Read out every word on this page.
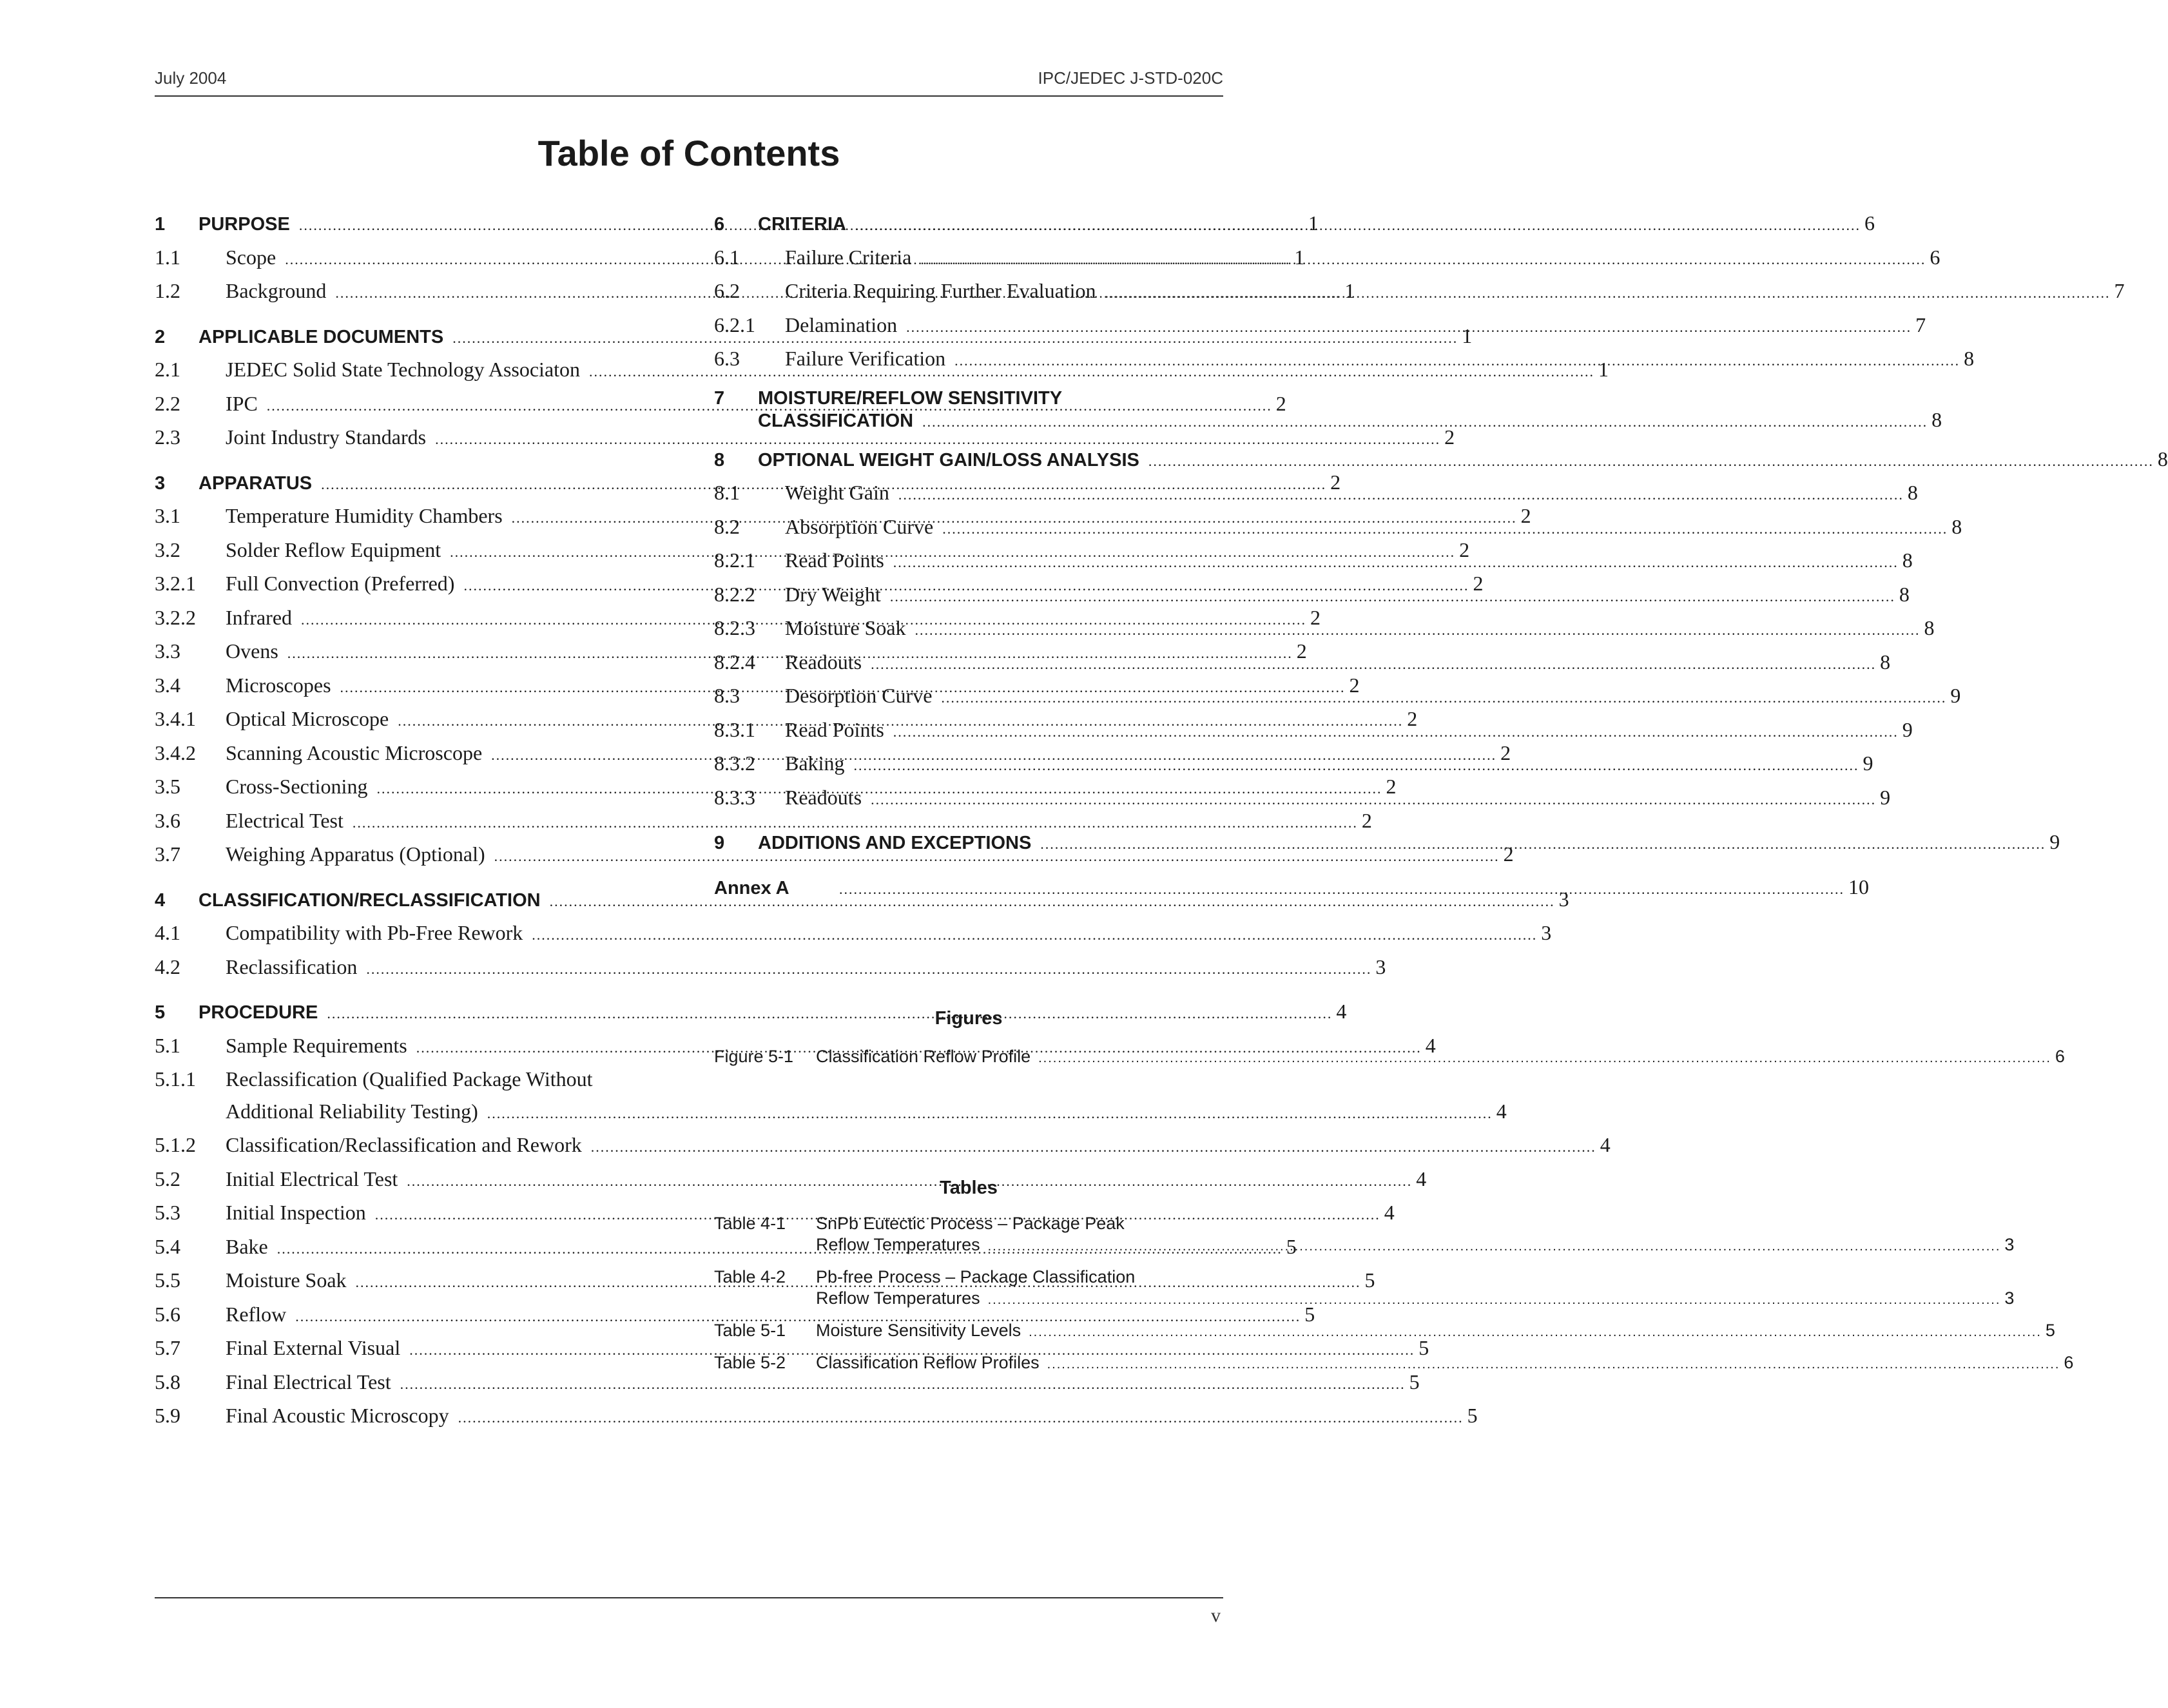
July 2004	IPC/JEDEC J-STD-020C
Table of Contents
1	PURPOSE .....	1
1.1	Scope .....	1
1.2	Background .....	1
2	APPLICABLE DOCUMENTS .....	1
2.1	JEDEC Solid State Technology Associaton .....	1
2.2	IPC .....	2
2.3	Joint Industry Standards .....	2
3	APPARATUS .....	2
3.1	Temperature Humidity Chambers .....	2
3.2	Solder Reflow Equipment .....	2
3.2.1	Full Convection (Preferred) .....	2
3.2.2	Infrared .....	2
3.3	Ovens .....	2
3.4	Microscopes .....	2
3.4.1	Optical Microscope .....	2
3.4.2	Scanning Acoustic Microscope .....	2
3.5	Cross-Sectioning .....	2
3.6	Electrical Test .....	2
3.7	Weighing Apparatus (Optional) .....	2
4	CLASSIFICATION/RECLASSIFICATION .....	3
4.1	Compatibility with Pb-Free Rework .....	3
4.2	Reclassification .....	3
5	PROCEDURE .....	4
5.1	Sample Requirements .....	4
5.1.1	Reclassification (Qualified Package Without
Additional Reliability Testing) .....	4
5.1.2	Classification/Reclassification and Rework .....	4
5.2	Initial Electrical Test .....	4
5.3	Initial Inspection .....	4
5.4	Bake .....	5
5.5	Moisture Soak .....	5
5.6	Reflow .....	5
5.7	Final External Visual .....	5
5.8	Final Electrical Test .....	5
5.9	Final Acoustic Microscopy .....	5
6	CRITERIA .....	6
6.1	Failure Criteria .....	6
6.2	Criteria Requiring Further Evaluation .....	7
6.2.1	Delamination .....	7
6.3	Failure Verification .....	8
7	MOISTURE/REFLOW SENSITIVITY
CLASSIFICATION .....	8
8	OPTIONAL WEIGHT GAIN/LOSS ANALYSIS .....	8
8.1	Weight Gain .....	8
8.2	Absorption Curve .....	8
8.2.1	Read Points .....	8
8.2.2	Dry Weight .....	8
8.2.3	Moisture Soak .....	8
8.2.4	Readouts .....	8
8.3	Desorption Curve .....	9
8.3.1	Read Points .....	9
8.3.2	Baking .....	9
8.3.3	Readouts .....	9
9	ADDITIONS AND EXCEPTIONS .....	9
Annex A .....	10
Figures
Figure 5-1	Classification Reflow Profile .....	6
Tables
Table 4-1	SnPb Eutectic Process – Package Peak
Reflow Temperatures .....	3
Table 4-2	Pb-free Process – Package Classification
Reflow Temperatures .....	3
Table 5-1	Moisture Sensitivity Levels .....	5
Table 5-2	Classification Reflow Profiles .....	6
v
